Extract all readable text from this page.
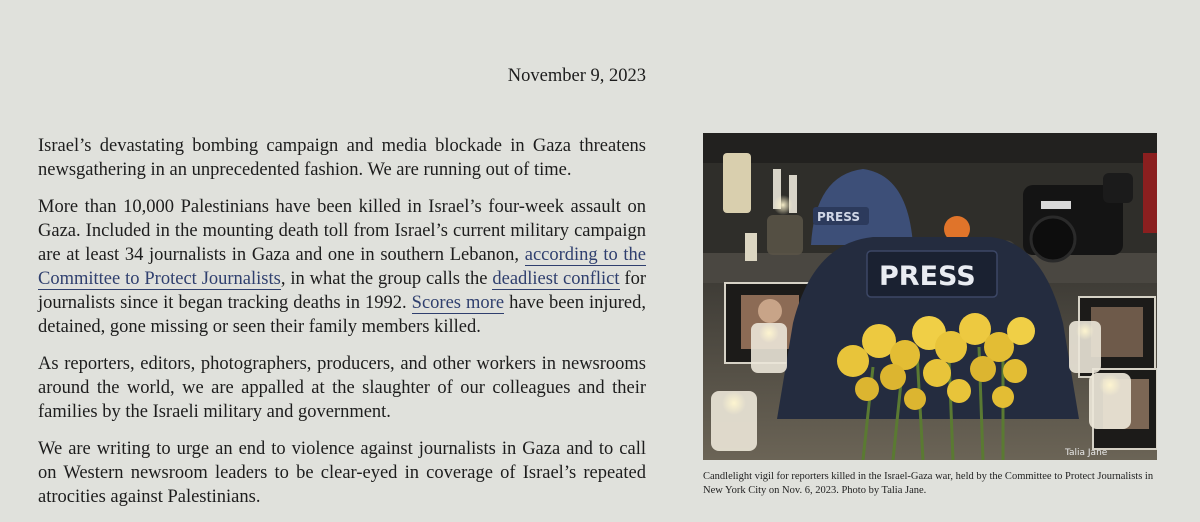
November 9, 2023

Israel’s devastating bombing campaign and media blockade in Gaza threatens newsgathering in an unprecedented fashion. We are running out of time.

More than 10,000 Palestinians have been killed in Israel’s four-week assault on Gaza. Included in the mounting death toll from Israel’s current military campaign are at least 34 journalists in Gaza and one in southern Lebanon, according to the Committee to Protect Journalists, in what the group calls the deadliest conflict for journalists since it began tracking deaths in 1992. Scores more have been injured, detained, gone missing or seen their family members killed.

As reporters, editors, photographers, producers, and other workers in newsrooms around the world, we are appalled at the slaughter of our colleagues and their families by the Israeli military and government.

We are writing to urge an end to violence against journalists in Gaza and to call on Western newsroom leaders to be clear-eyed in coverage of Israel’s repeated atrocities against Palestinians.

PRESS
PRESS
Talia Jane
Candlelight vigil for reporters killed in the Israel-Gaza war, held by the Committee to Protect Journalists in New York City on Nov. 6, 2023. Photo by Talia Jane.
